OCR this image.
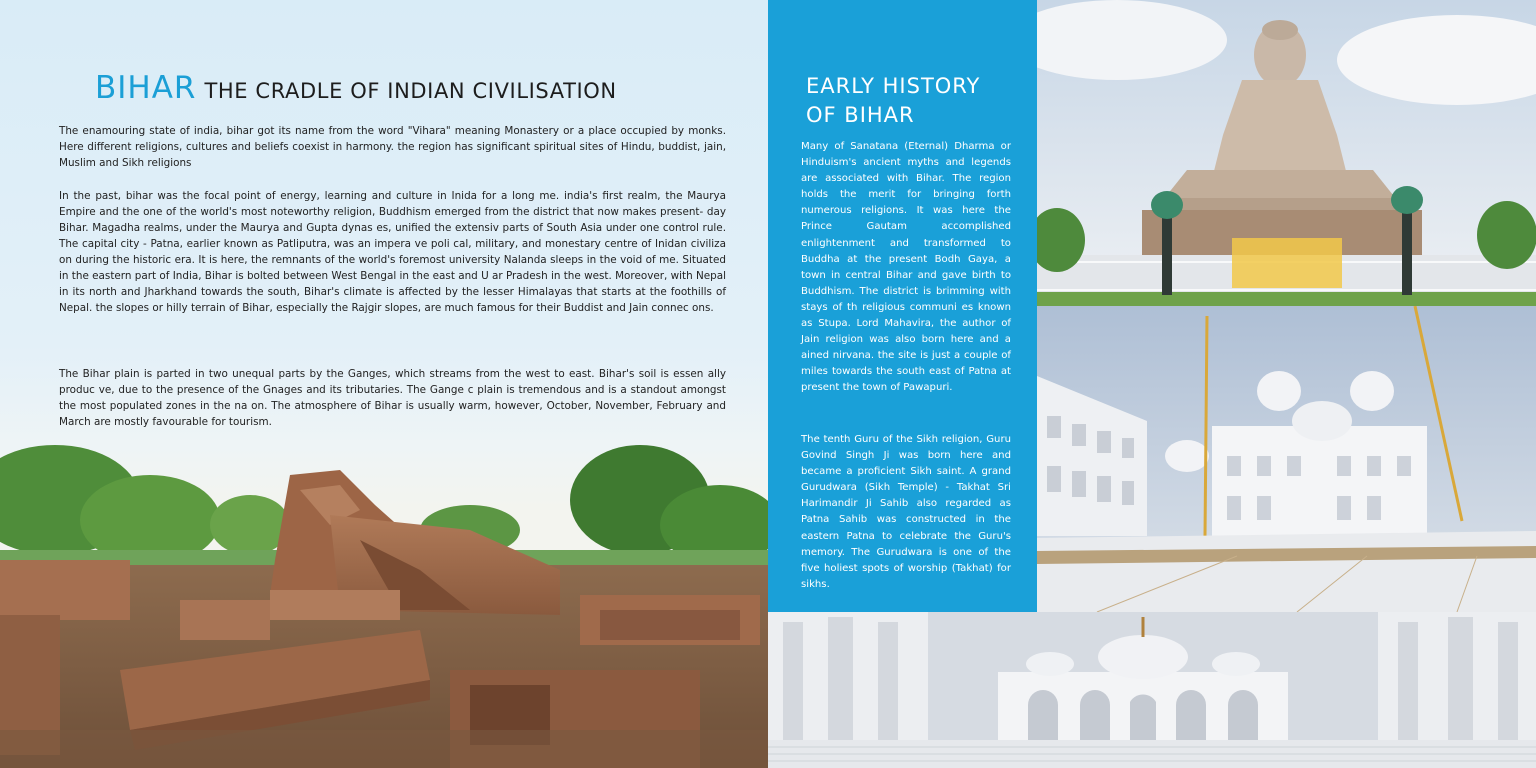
BIHAR THE CRADLE OF INDIAN CIVILISATION

The enamouring state of india, bihar got its name from the word "Vihara" meaning Monastery or a place occupied by monks. Here different religions, cultures and beliefs coexist in harmony. the region has significant spiritual sites of Hindu, buddist, jain, Muslim and Sikh religions

In the past, bihar was the focal point of energy, learning and culture in Inida for a long me. india's first realm, the Maurya Empire and the one of the world's most noteworthy religion, Buddhism emerged from the district that now makes present- day Bihar. Magadha realms, under the Maurya and Gupta dynas es, unified the extensiv parts of South Asia under one control rule. The capital city - Patna, earlier known as Patliputra, was an impera ve poli cal, military, and monestary centre of Inidan civiliza on during the historic era. It is here, the remnants of the world's foremost university Nalanda sleeps in the void of me. Situated in the eastern part of India, Bihar is bolted between West Bengal in the east and U ar Pradesh in the west. Moreover, with Nepal in its north and Jharkhand towards the south, Bihar's climate is affected by the lesser Himalayas that starts at the foothills of Nepal. the slopes or hilly terrain of Bihar, especially the Rajgir slopes, are much famous for their Buddist and Jain connec ons.

The Bihar plain is parted in two unequal parts by the Ganges, which streams from the west to east. Bihar's soil is essen ally produc ve, due to the presence of the Gnages and its tributaries. The Gange c plain is tremendous and is a standout amongst the most populated zones in the na on. The atmosphere of Bihar is usually warm, however, October, November, February and March are mostly favourable for tourism.

EARLY HISTORY
OF BIHAR

Many of Sanatana (Eternal) Dharma or Hinduism's ancient myths and legends are associated with Bihar. The region holds the merit for bringing forth numerous religions. It was here the Prince Gautam accomplished enlightenment and transformed to Buddha at the present Bodh Gaya, a town in central Bihar and gave birth to Buddhism. The district is brimming with stays of th religious communi es known as Stupa. Lord Mahavira, the author of Jain religion was also born here and a ained nirvana. the site is just a couple of miles towards the south east of Patna at present the town of Pawapuri.

The tenth Guru of the Sikh religion, Guru Govind Singh Ji was born here and became a proficient Sikh saint. A grand Gurudwara (Sikh Temple) - Takhat Sri Harimandir Ji Sahib also regarded as Patna Sahib was constructed in the eastern Patna to celebrate the Guru's memory. The Gurudwara is one of the five holiest spots of worship (Takhat) for sikhs.
